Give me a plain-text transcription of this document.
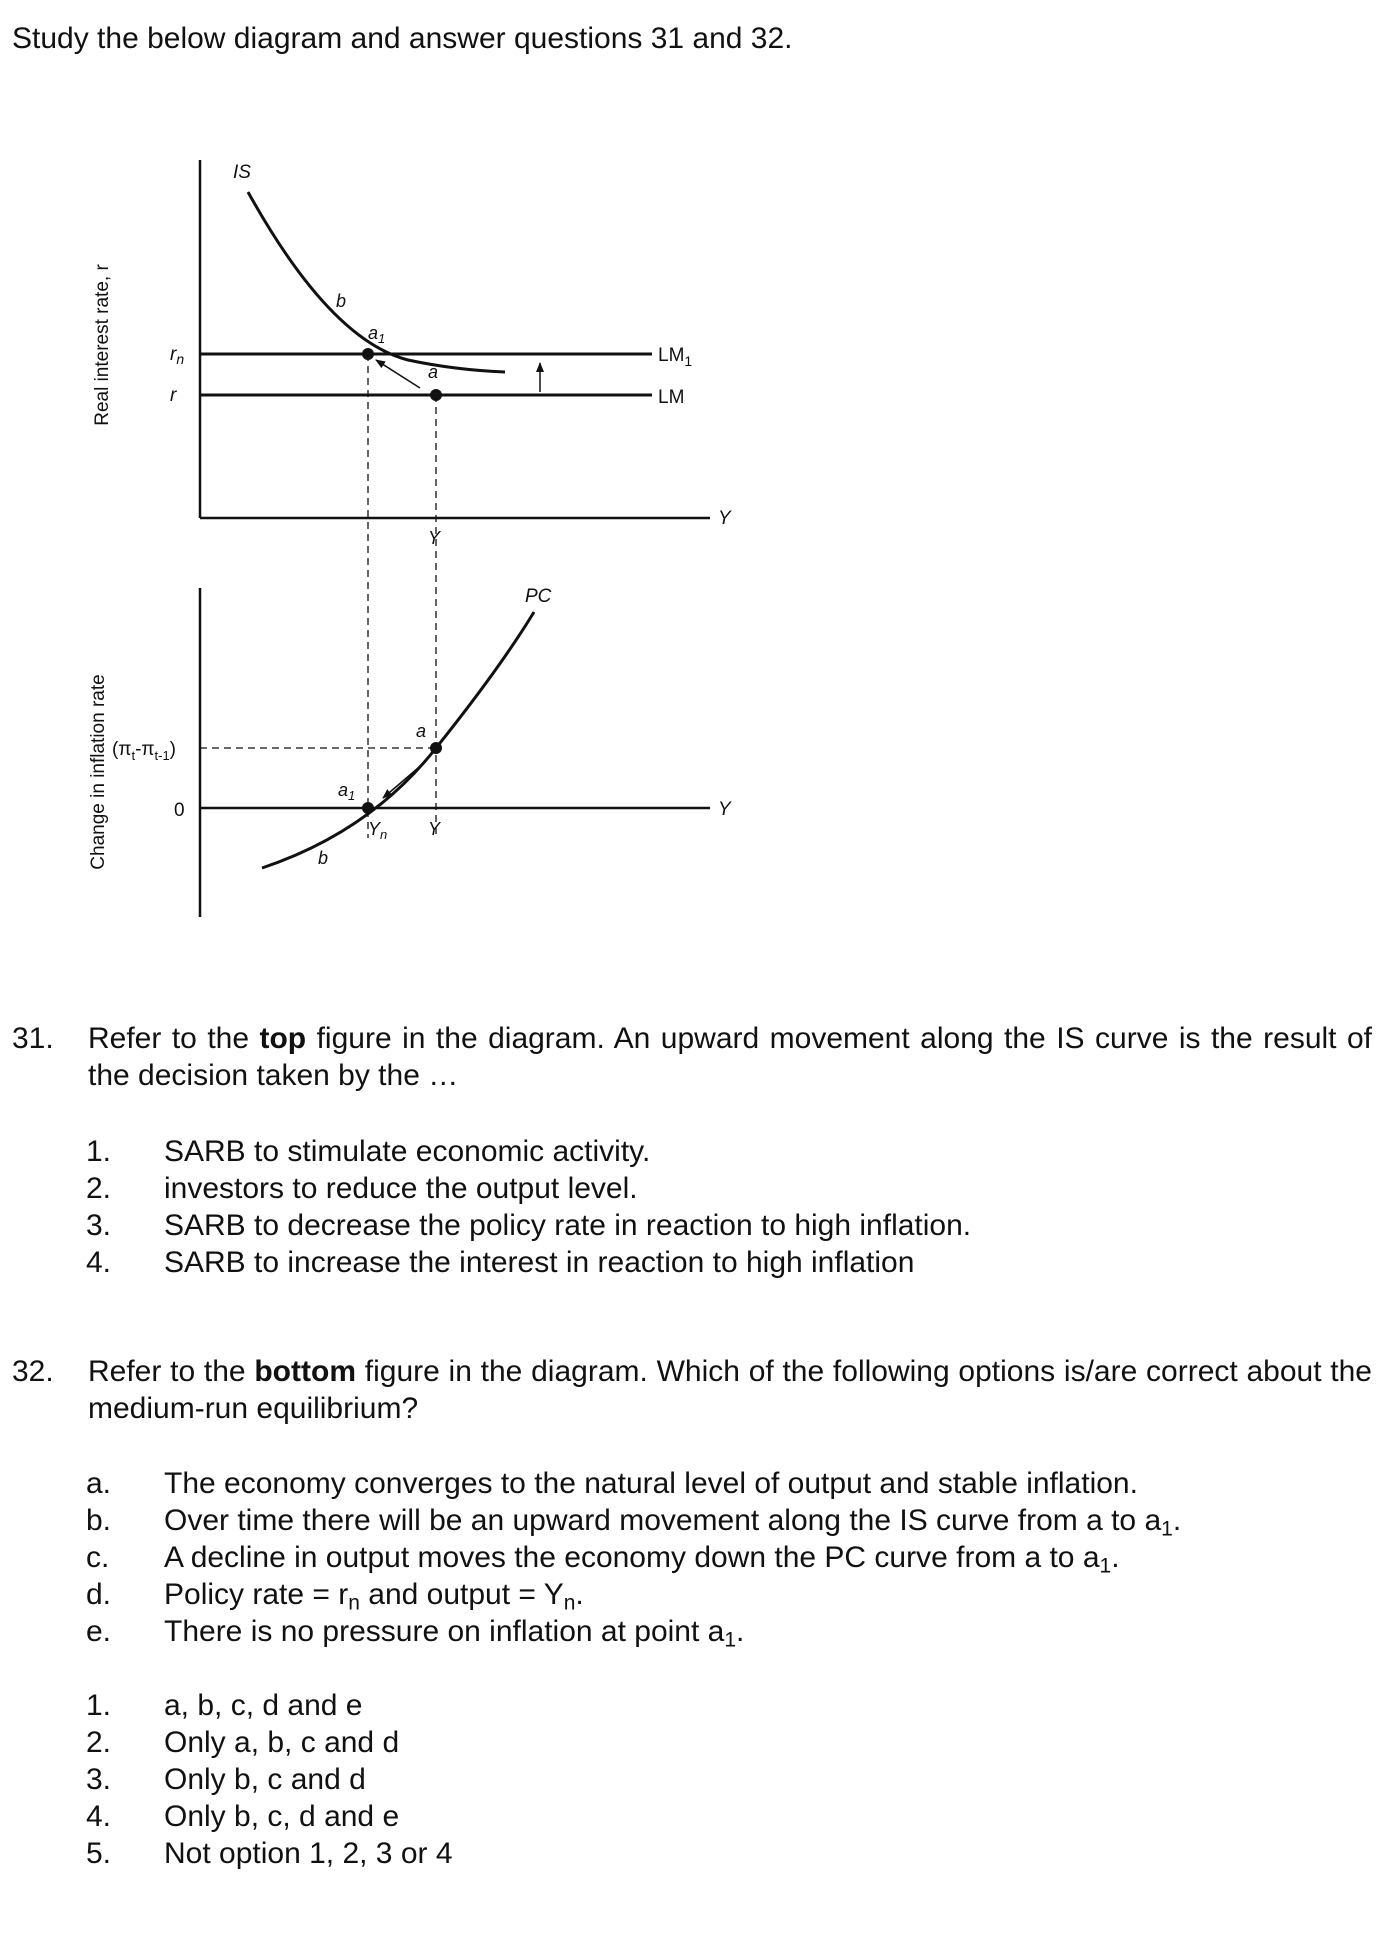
Study the below diagram and answer questions 31 and 32.
Real interest rate, r
Y
IS
$LM_1$
LM
$r_n$
r
b
$a_1$
a
Y
Change in inflation rate	Y
PC
$(\pi_t-\pi_{t-1})$
0
a
$a_1$
b
$Y_n$ Y
31. Refer to the top figure in the diagram. An upward movement along the IS curve is the result of the decision taken by the …
1.	SARB to stimulate economic activity.
2.	investors to reduce the output level.
3.	SARB to decrease the policy rate in reaction to high inflation.
4.	SARB to increase the interest in reaction to high inflation
32. Refer to the bottom figure in the diagram. Which of the following options is/are correct about the medium-run equilibrium?
a.	The economy converges to the natural level of output and stable inflation.
b.	Over time there will be an upward movement along the IS curve from a to $a_1$.
c.	A decline in output moves the economy down the PC curve from a to $a_1$.
d.	Policy rate = $r_n$ and output = $Y_n$.
e.	There is no pressure on inflation at point $a_1$.
1.	a, b, c, d and e
2.	Only a, b, c and d
3.	Only b, c and d
4.	Only b, c, d and e
5.	Not option 1, 2, 3 or 4
